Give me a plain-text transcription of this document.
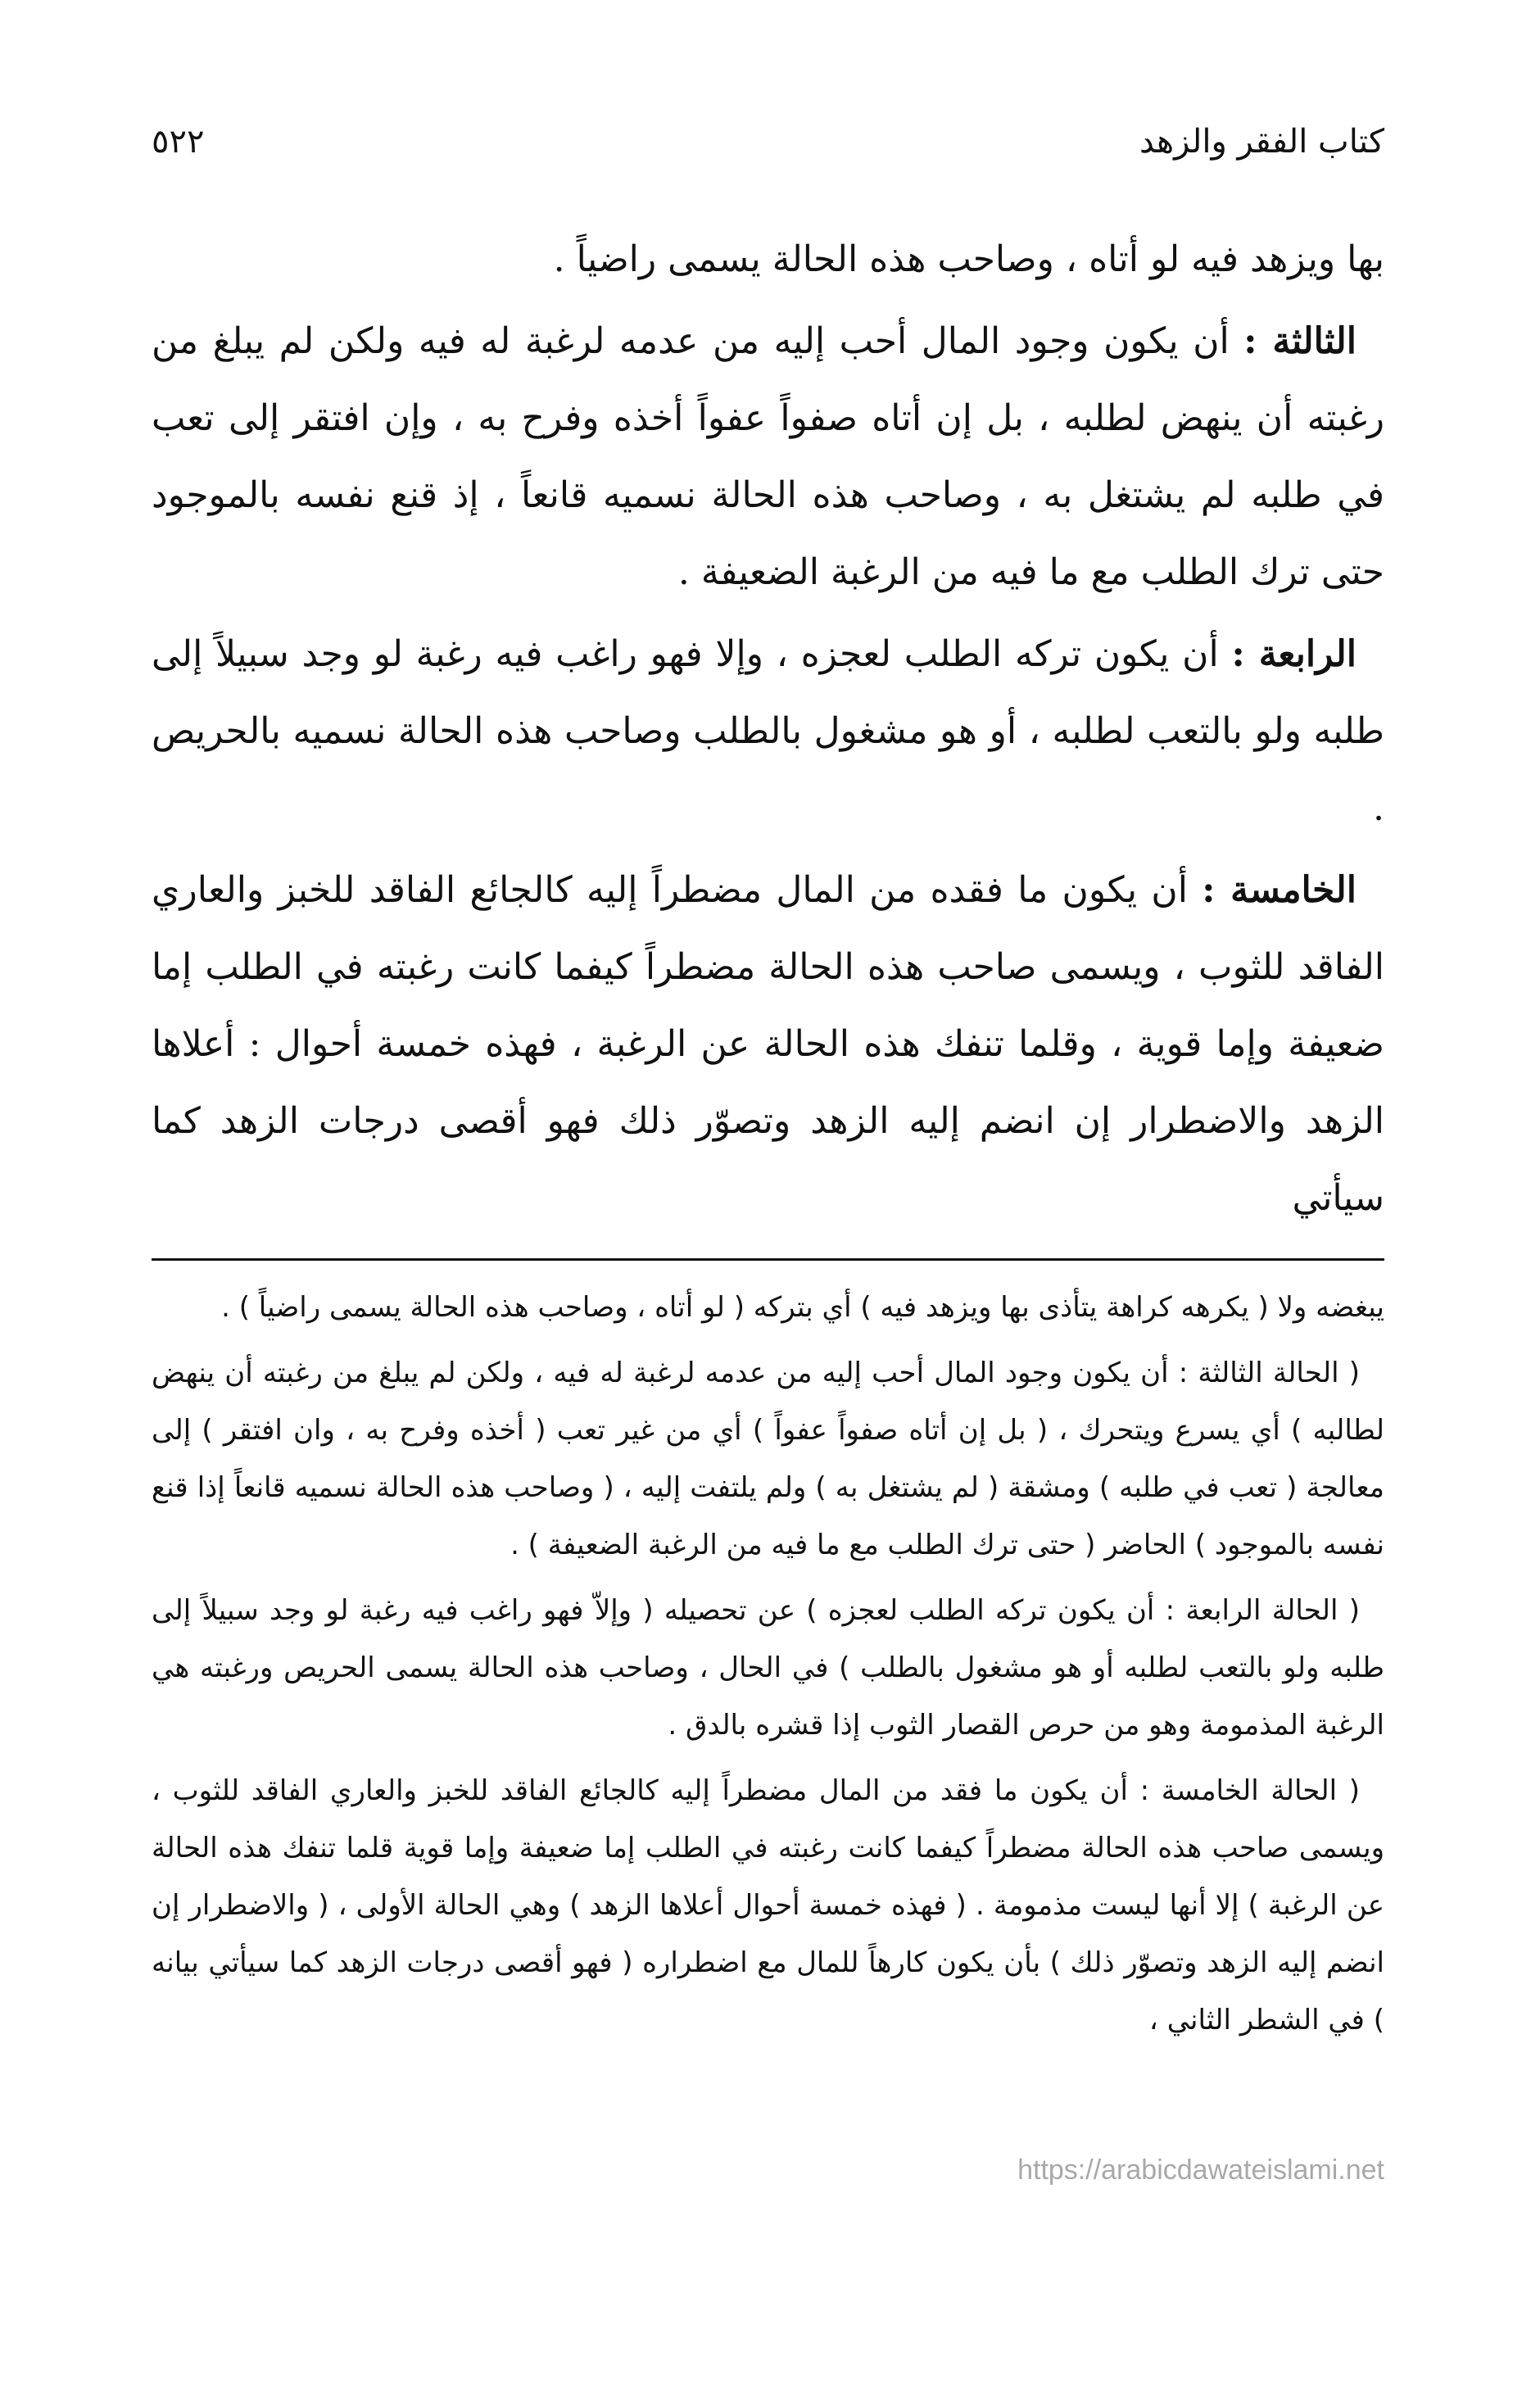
كتاب الفقر والزهد
٥٢٢

بها ويزهد فيه لو أتاه ، وصاحب هذه الحالة يسمى راضياً .

الثالثة : أن يكون وجود المال أحب إليه من عدمه لرغبة له فيه ولكن لم يبلغ من رغبته أن ينهض لطلبه ، بل إن أتاه صفواً عفواً أخذه وفرح به ، وإن افتقر إلى تعب في طلبه لم يشتغل به ، وصاحب هذه الحالة نسميه قانعاً ، إذ قنع نفسه بالموجود حتى ترك الطلب مع ما فيه من الرغبة الضعيفة .

الرابعة : أن يكون تركه الطلب لعجزه ، وإلا فهو راغب فيه رغبة لو وجد سبيلاً إلى طلبه ولو بالتعب لطلبه ، أو هو مشغول بالطلب وصاحب هذه الحالة نسميه بالحريص .

الخامسة : أن يكون ما فقده من المال مضطراً إليه كالجائع الفاقد للخبز والعاري الفاقد للثوب ، ويسمى صاحب هذه الحالة مضطراً كيفما كانت رغبته في الطلب إما ضعيفة وإما قوية ، وقلما تنفك هذه الحالة عن الرغبة ، فهذه خمسة أحوال : أعلاها الزهد والاضطرار إن انضم إليه الزهد وتصوّر ذلك فهو أقصى درجات الزهد كما سيأتي

يبغضه ولا ( يكرهه كراهة يتأذى بها ويزهد فيه ) أي بتركه ( لو أتاه ، وصاحب هذه الحالة يسمى راضياً ) .

( الحالة الثالثة : أن يكون وجود المال أحب إليه من عدمه لرغبة له فيه ، ولكن لم يبلغ من رغبته أن ينهض لطالبه ) أي يسرع ويتحرك ، ( بل إن أتاه صفواً عفواً ) أي من غير تعب ( أخذه وفرح به ، وان افتقر ) إلى معالجة ( تعب في طلبه ) ومشقة ( لم يشتغل به ) ولم يلتفت إليه ، ( وصاحب هذه الحالة نسميه قانعاً إذا قنع نفسه بالموجود ) الحاضر ( حتى ترك الطلب مع ما فيه من الرغبة الضعيفة ) .

( الحالة الرابعة : أن يكون تركه الطلب لعجزه ) عن تحصيله ( وإلاّ فهو راغب فيه رغبة لو وجد سبيلاً إلى طلبه ولو بالتعب لطلبه أو هو مشغول بالطلب ) في الحال ، وصاحب هذه الحالة يسمى الحريص ورغبته هي الرغبة المذمومة وهو من حرص القصار الثوب إذا قشره بالدق .

( الحالة الخامسة : أن يكون ما فقد من المال مضطراً إليه كالجائع الفاقد للخبز والعاري الفاقد للثوب ، ويسمى صاحب هذه الحالة مضطراً كيفما كانت رغبته في الطلب إما ضعيفة وإما قوية قلما تنفك هذه الحالة عن الرغبة ) إلا أنها ليست مذمومة . ( فهذه خمسة أحوال أعلاها الزهد ) وهي الحالة الأولى ، ( والاضطرار إن انضم إليه الزهد وتصوّر ذلك ) بأن يكون كارهاً للمال مع اضطراره ( فهو أقصى درجات الزهد كما سيأتي بيانه ) في الشطر الثاني ،

https://arabicdawateislami.net
